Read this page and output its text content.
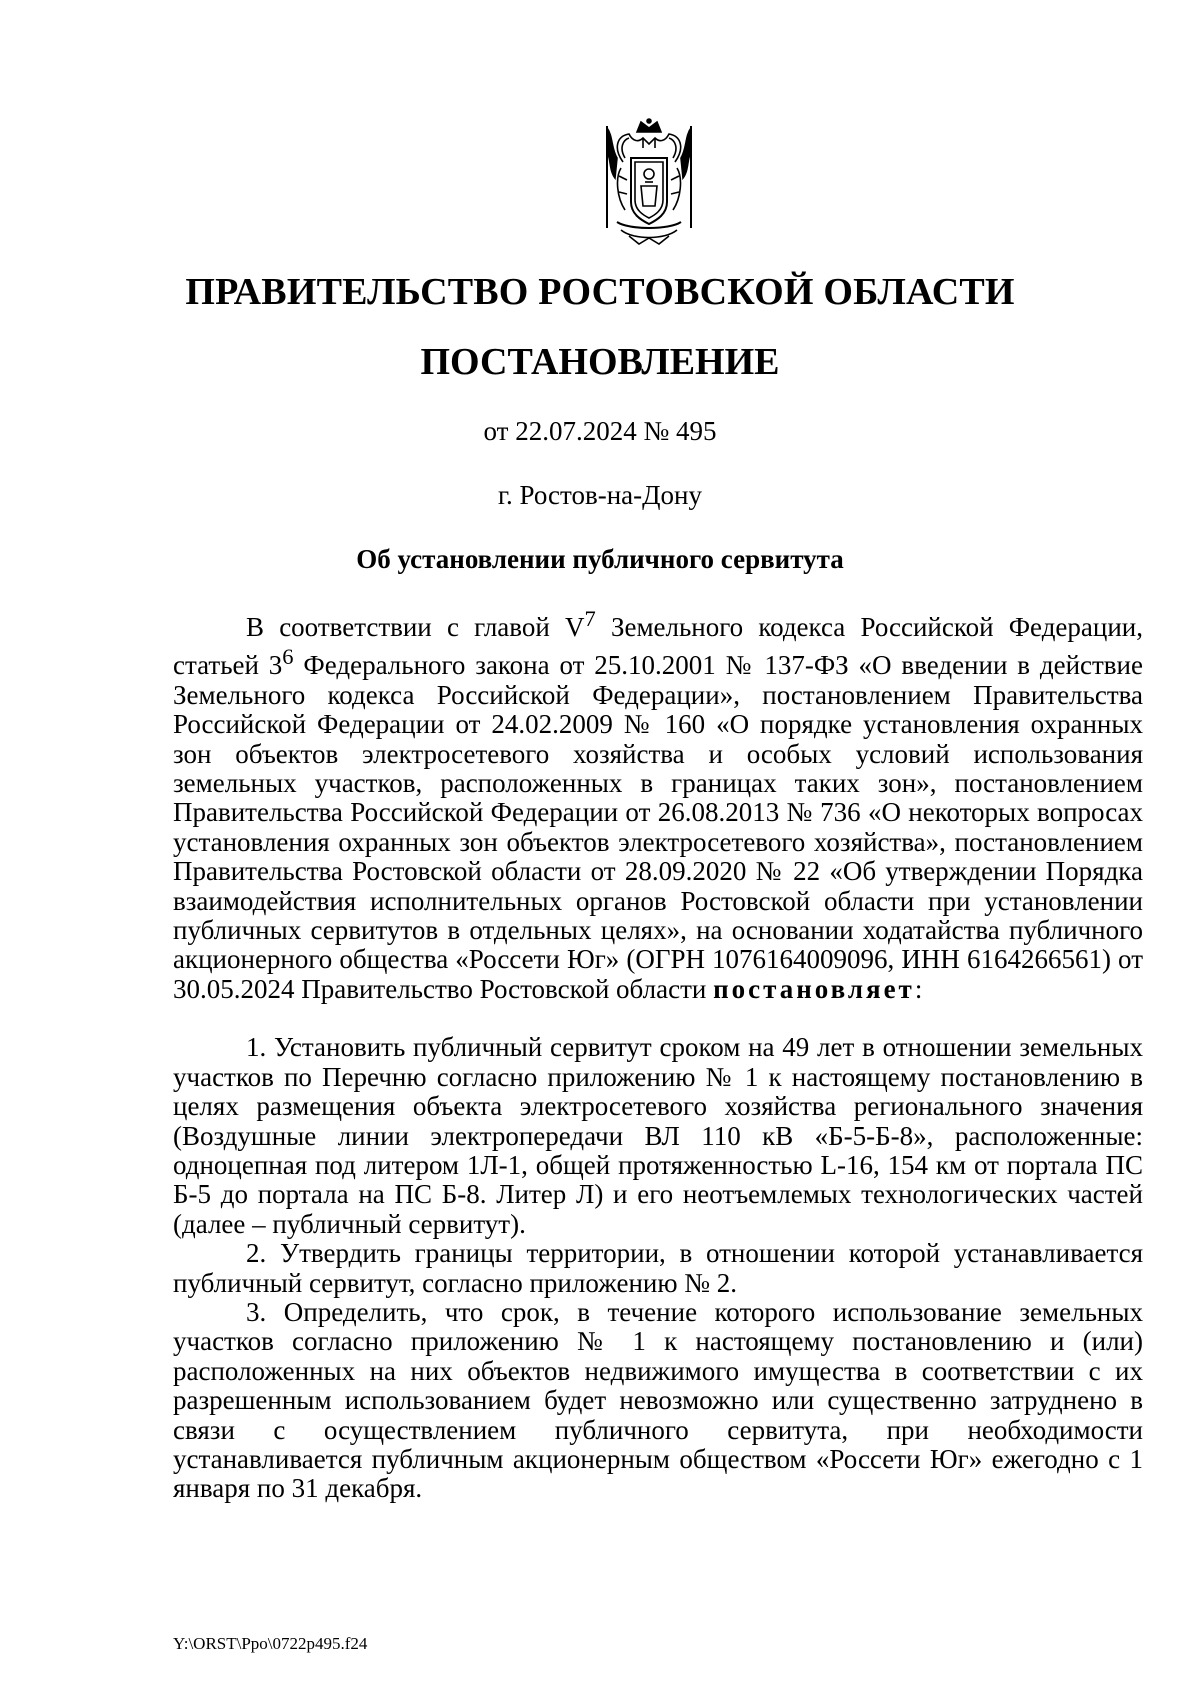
ПРАВИТЕЛЬСТВО РОСТОВСКОЙ ОБЛАСТИ
ПОСТАНОВЛЕНИЕ
от 22.07.2024 № 495
г. Ростов-на-Дону
Об установлении публичного сервитута

В соответствии с главой $V^7$ Земельного кодекса Российской Федерации, статьей $3^6$ Федерального закона от 25.10.2001 № 137-ФЗ «О введении в действие Земельного кодекса Российской Федерации», постановлением Правительства Российской Федерации от 24.02.2009 № 160 «О порядке установления охранных зон объектов электросетевого хозяйства и особых условий использования земельных участков, расположенных в границах таких зон», постановлением Правительства Российской Федерации от 26.08.2013 № 736 «О некоторых вопросах установления охранных зон объектов электросетевого хозяйства», постановлением Правительства Ростовской области от 28.09.2020 № 22 «Об утверждении Порядка взаимодействия исполнительных органов Ростовской области при установлении публичных сервитутов в отдельных целях», на основании ходатайства публичного акционерного общества «Россети Юг» (ОГРН 1076164009096, ИНН 6164266561) от 30.05.2024 Правительство Ростовской области постановляет:

1. Установить публичный сервитут сроком на 49 лет в отношении земельных участков по Перечню согласно приложению № 1 к настоящему постановлению в целях размещения объекта электросетевого хозяйства регионального значения (Воздушные линии электропередачи ВЛ 110 кВ «Б-5-Б-8», расположенные: одноцепная под литером 1Л-1, общей протяженностью L-16, 154 км от портала ПС Б-5 до портала на ПС Б-8. Литер Л) и его неотъемлемых технологических частей (далее – публичный сервитут).

2. Утвердить границы территории, в отношении которой устанавливается публичный сервитут, согласно приложению № 2.

3. Определить, что срок, в течение которого использование земельных участков согласно приложению № 1 к настоящему постановлению и (или) расположенных на них объектов недвижимого имущества в соответствии с их разрешенным использованием будет невозможно или существенно затруднено в связи с осуществлением публичного сервитута, при необходимости устанавливается публичным акционерным обществом «Россети Юг» ежегодно с 1 января по 31 декабря.

Y:\ORST\Ppo\0722p495.f24
